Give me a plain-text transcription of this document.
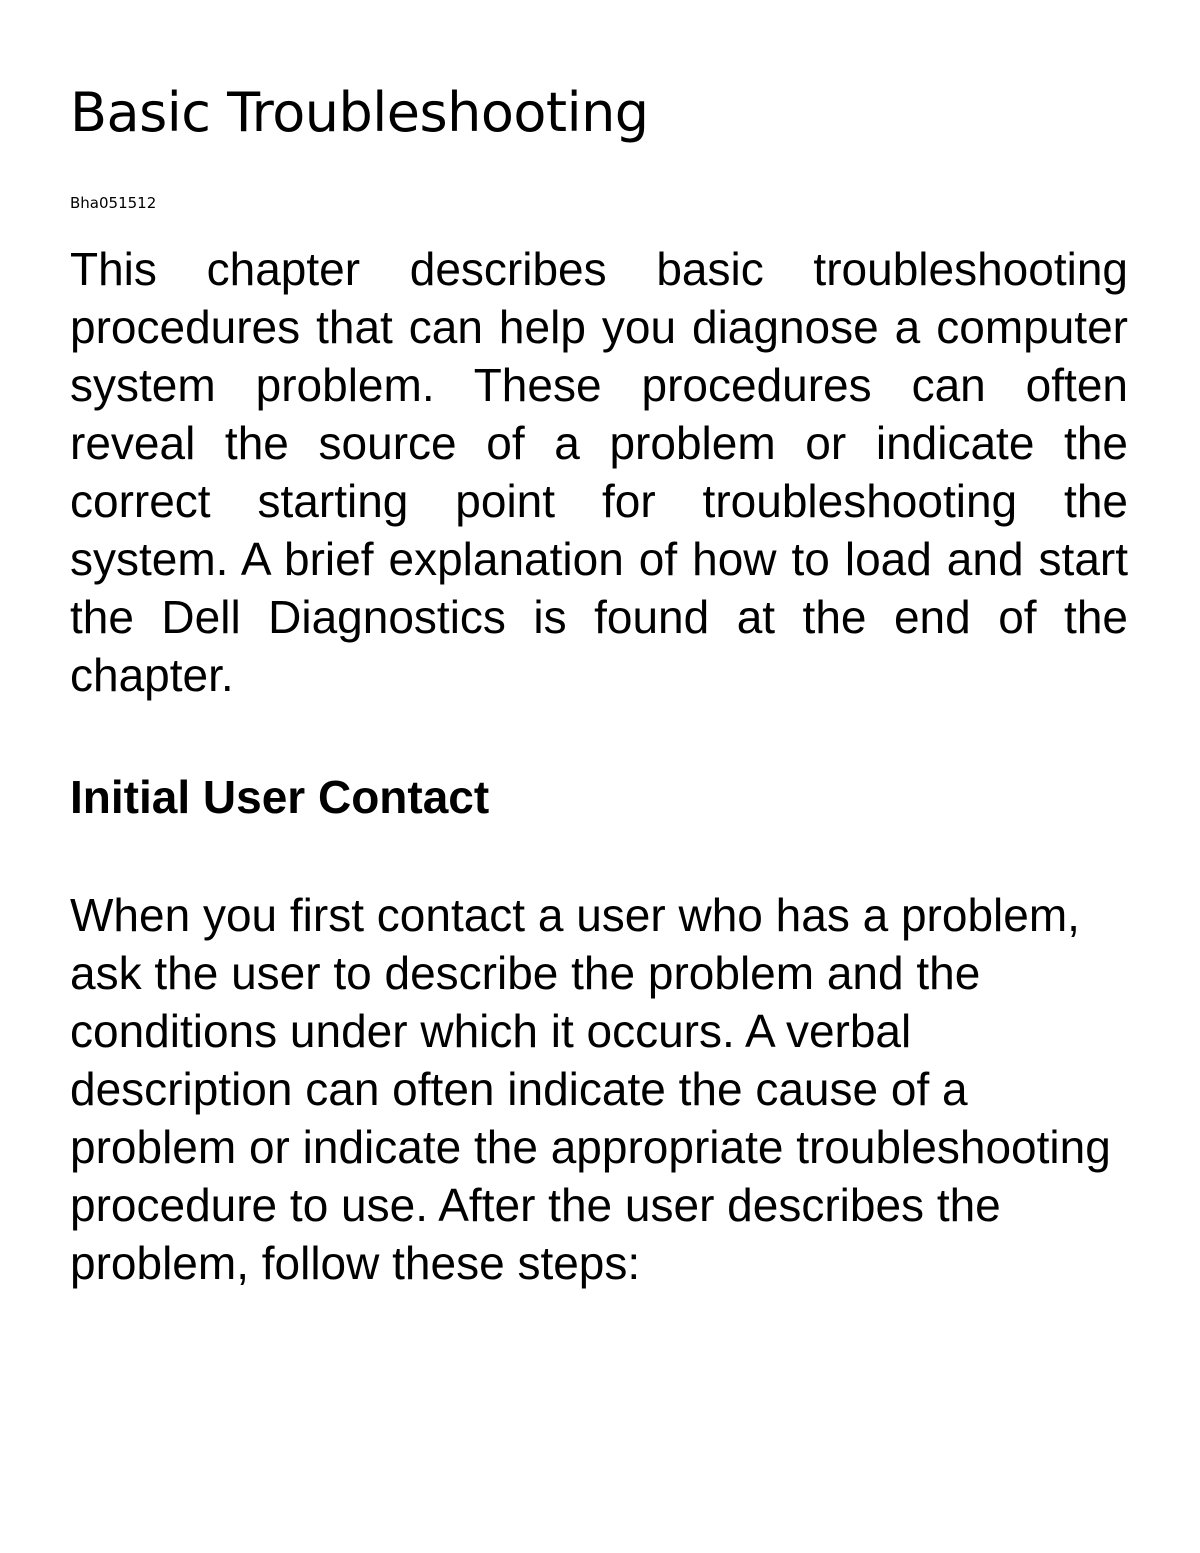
Basic Troubleshooting
Bha051512

This chapter describes basic troubleshooting procedures that can help you diagnose a computer system problem. These procedures can often reveal the source of a problem or indicate the correct starting point for troubleshooting the system. A brief explanation of how to load and start the Dell Diagnostics is found at the end of the chapter.

Initial User Contact

When you first contact a user who has a problem, ask the user to describe the problem and the conditions under which it occurs. A verbal description can often indicate the cause of a problem or indicate the appropriate troubleshooting procedure to use. After the user describes the problem, follow these steps:
